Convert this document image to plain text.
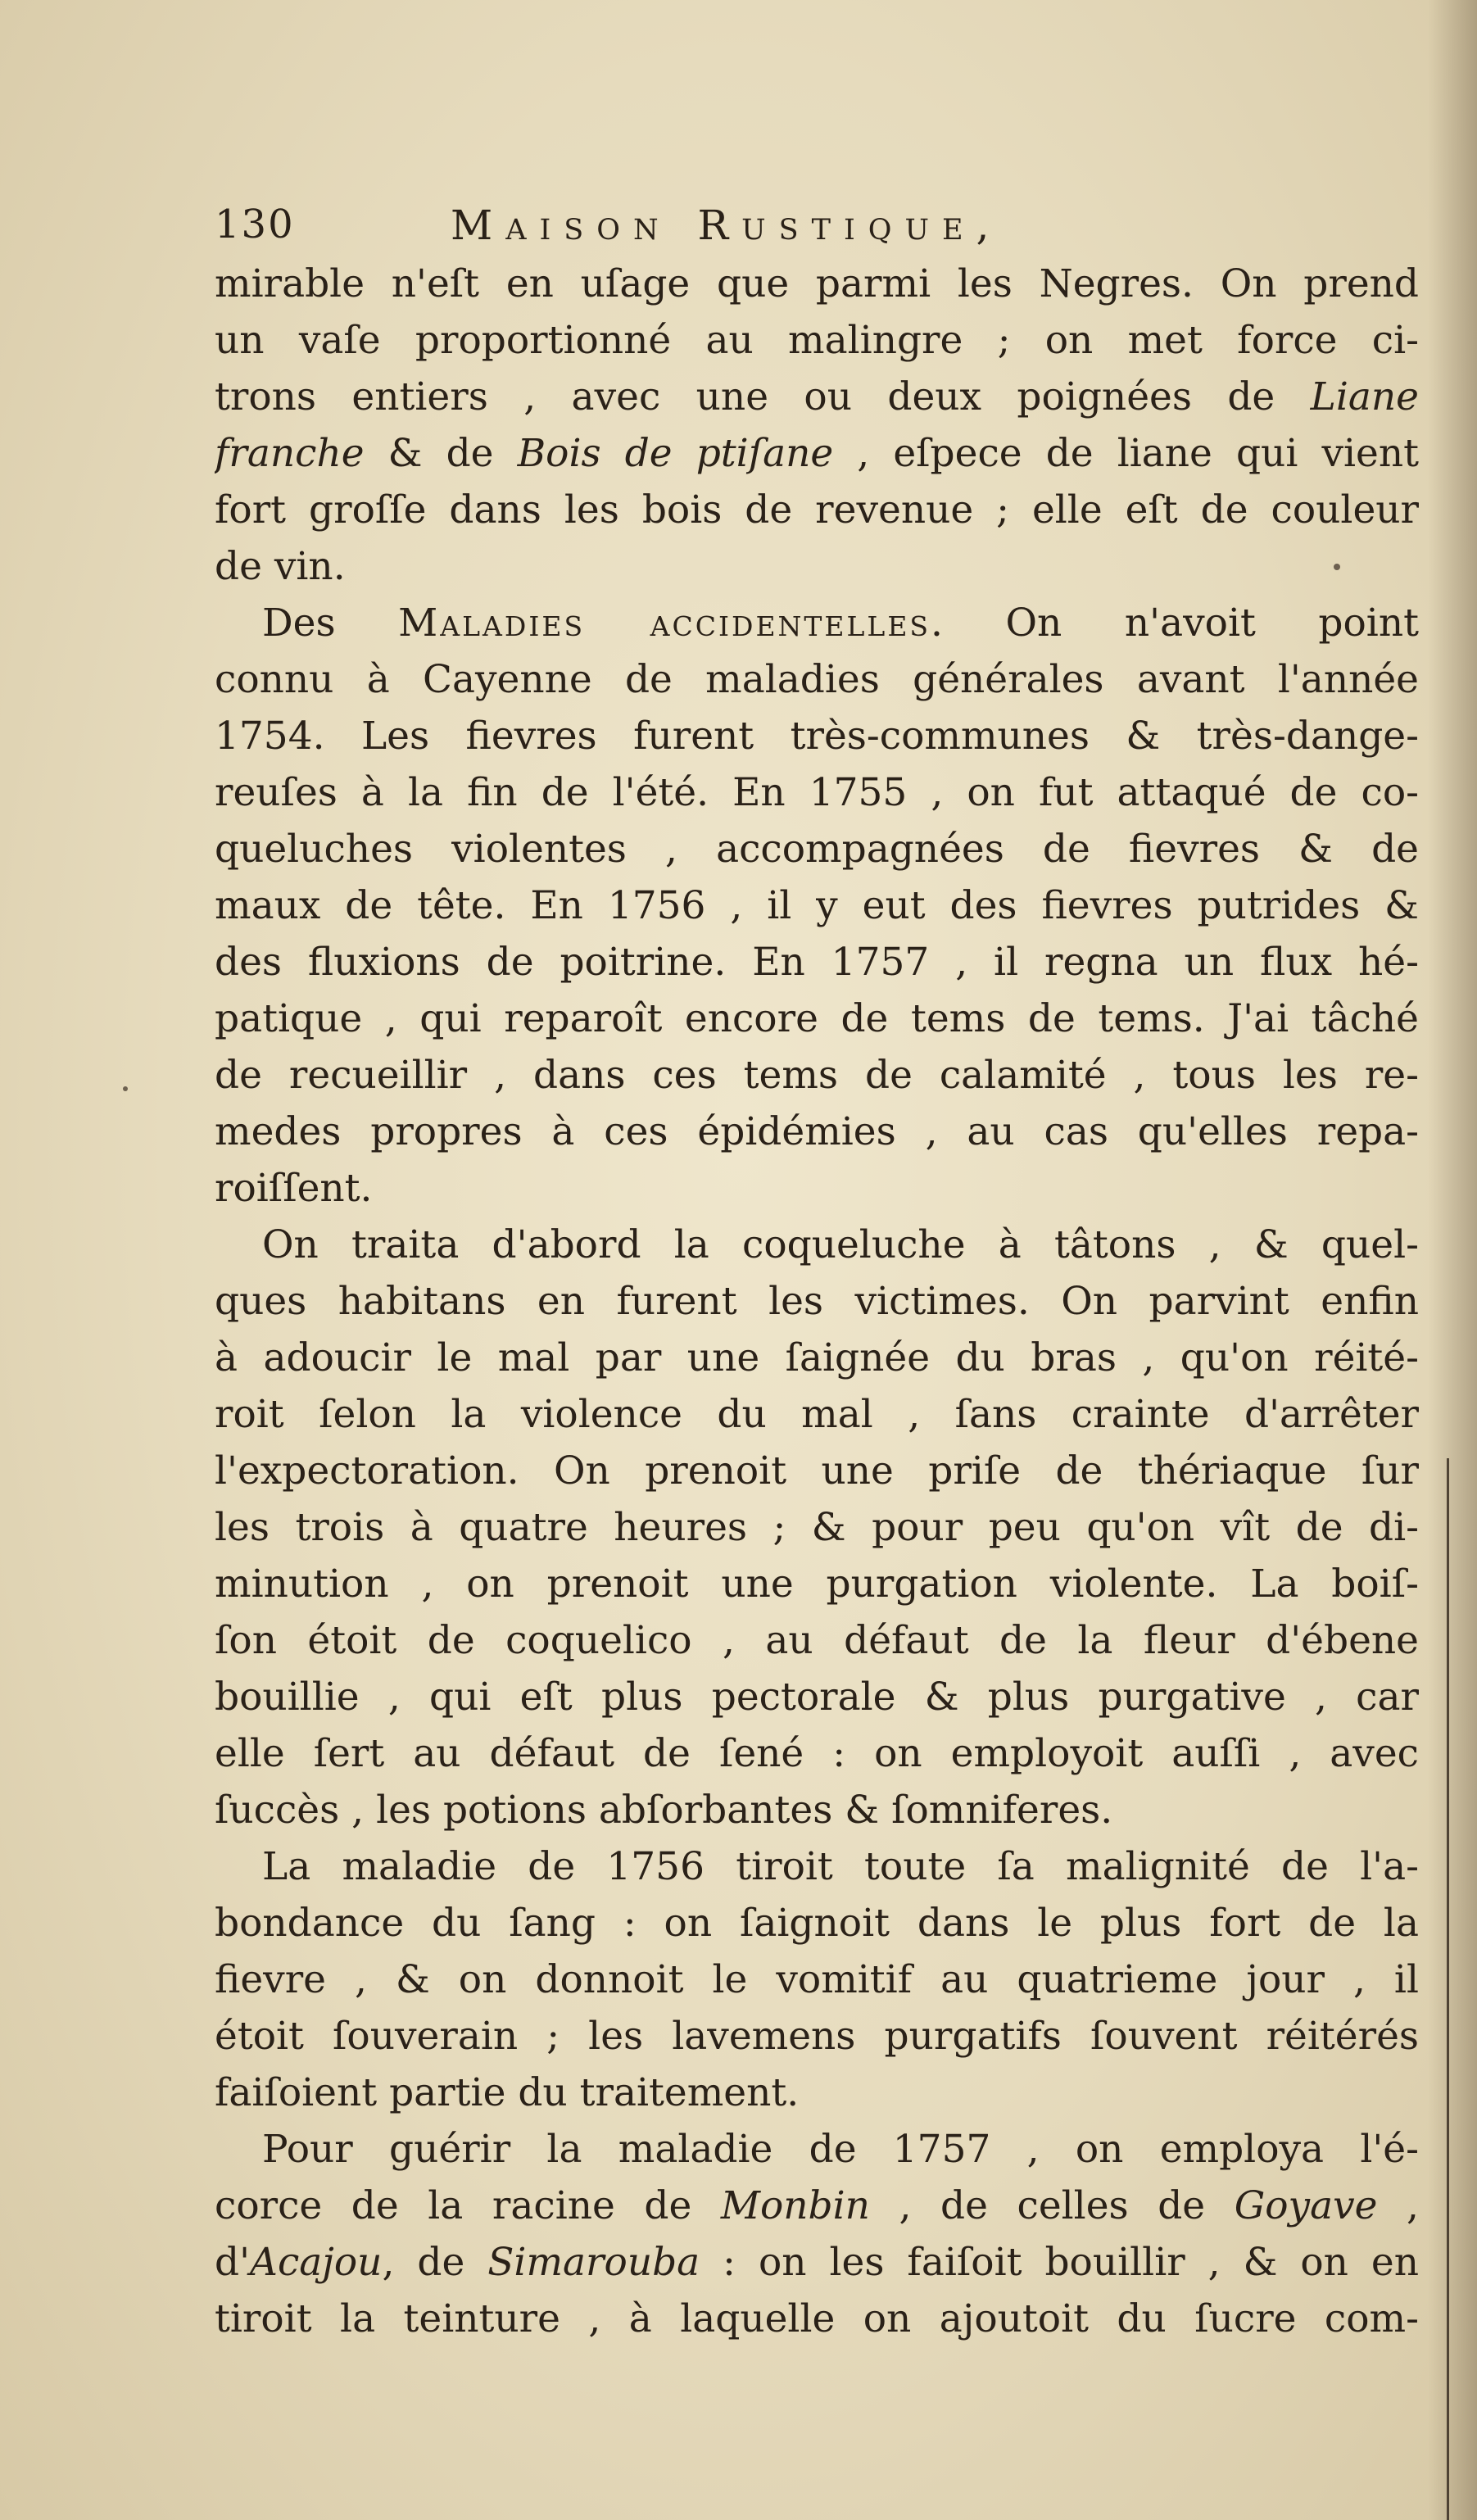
130	Maison Rustique,
mirable n'eſt en uſage que parmi les Negres. On prend
un vaſe proportionné au malingre ; on met force ci-
trons entiers , avec une ou deux poignées de Liane
franche & de Bois de ptiſane , eſpece de liane qui vient
fort groſſe dans les bois de revenue ; elle eſt de couleur
de vin.
Des Maladies accidentelles. On n'avoit point
connu à Cayenne de maladies générales avant l'année
1754. Les fievres furent très-communes & très-dange-
reuſes à la fin de l'été. En 1755 , on fut attaqué de co-
queluches violentes , accompagnées de fievres & de
maux de tête. En 1756 , il y eut des fievres putrides &
des fluxions de poitrine. En 1757 , il regna un flux hé-
patique , qui reparoît encore de tems de tems. J'ai tâché
de recueillir , dans ces tems de calamité , tous les re-
medes propres à ces épidémies , au cas qu'elles repa-
roiſſent.
On traita d'abord la coqueluche à tâtons , & quel-
ques habitans en furent les victimes. On parvint enfin
à adoucir le mal par une ſaignée du bras , qu'on réité-
roit ſelon la violence du mal , ſans crainte d'arrêter
l'expectoration. On prenoit une priſe de thériaque ſur
les trois à quatre heures ; & pour peu qu'on vît de di-
minution , on prenoit une purgation violente. La boiſ-
ſon étoit de coquelico , au défaut de la fleur d'ébene
bouillie , qui eſt plus pectorale & plus purgative , car
elle ſert au défaut de ſené : on employoit auſſi , avec
ſuccès , les potions abſorbantes & ſomniferes.
La maladie de 1756 tiroit toute ſa malignité de l'a-
bondance du ſang : on ſaignoit dans le plus fort de la
fievre , & on donnoit le vomitif au quatrieme jour , il
étoit ſouverain ; les lavemens purgatifs ſouvent réitérés
faiſoient partie du traitement.
Pour guérir la maladie de 1757 , on employa l'é-
corce de la racine de Monbin , de celles de Goyave ,
d'Acajou, de Simarouba : on les faiſoit bouillir , & on en
tiroit la teinture , à laquelle on ajoutoit du ſucre com-
